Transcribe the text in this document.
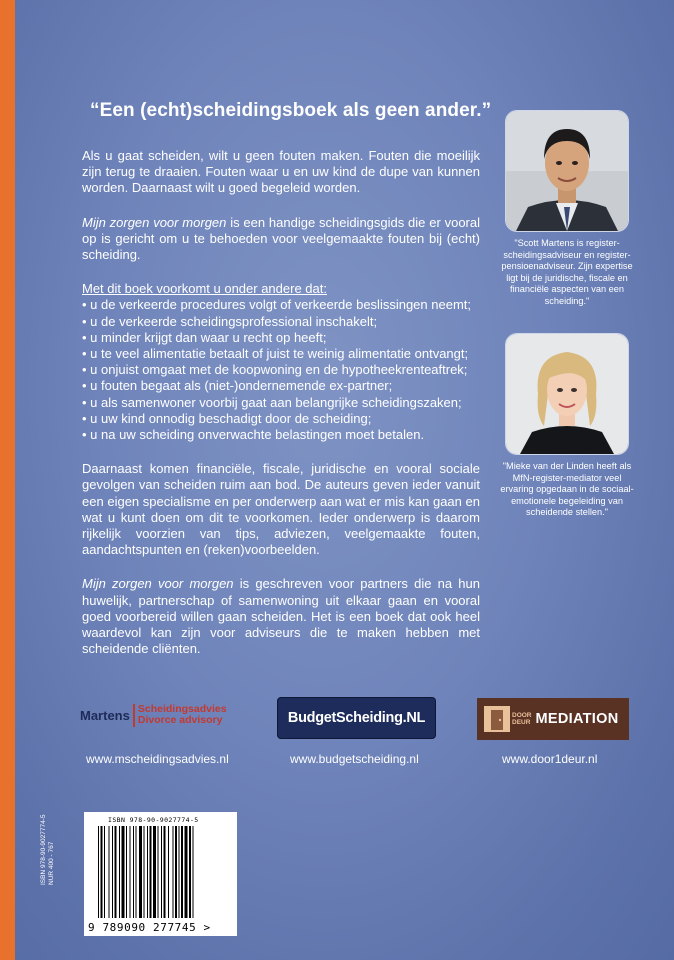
“Een (echt)scheidingsboek als geen ander.”

Als u gaat scheiden, wilt u geen fouten maken. Fouten die moeilijk zijn terug te draaien. Fouten waar u en uw kind de dupe van kunnen worden. Daarnaast wilt u goed begeleid worden.

Mijn zorgen voor morgen is een handige scheidingsgids die er vooral op is gericht om u te behoeden voor veelgemaakte fouten bij (echt) scheiding.

Met dit boek voorkomt u onder andere dat:

• u de verkeerde procedures volgt of verkeerde beslissingen neemt;
• u de verkeerde scheidingsprofessional inschakelt;
• u minder krijgt dan waar u recht op heeft;
• u te veel alimentatie betaalt of juist te weinig alimentatie ontvangt;
• u onjuist omgaat met de koopwoning en de hypotheekrenteaftrek;
• u fouten begaat als (niet-)ondernemende ex-partner;
• u als samenwoner voorbij gaat aan belangrijke scheidingszaken;
• u uw kind onnodig beschadigt door de scheiding;
• u na uw scheiding onverwachte belastingen moet betalen.

Daarnaast komen financiële, fiscale, juridische en vooral sociale gevolgen van scheiden ruim aan bod. De auteurs geven ieder vanuit een eigen specialisme en per onderwerp aan wat er mis kan gaan en wat u kunt doen om dit te voorkomen. Ieder onderwerp is daarom rijkelijk voorzien van tips, adviezen, veelgemaakte fouten, aandachtspunten en (reken)voorbeelden.

Mijn zorgen voor morgen is geschreven voor partners die na hun huwelijk, partnerschap of samenwoning uit elkaar gaan en vooral goed voorbereid willen gaan scheiden. Het is een boek dat ook heel waardevol kan zijn voor adviseurs die te maken hebben met scheidende cliënten.

"Scott Martens is register-scheidingsadviseur en register-pensioenadviseur. Zijn expertise ligt bij de juridische, fiscale en financiële aspecten van een scheiding."
"Mieke van der Linden heeft als MfN-register-mediator veel ervaring opgedaan in de sociaal-emotionele begeleiding van scheidende stellen."
Martens Scheidingsadvies
Divorce advisory	BudgetScheiding.NL	DOOR
DEUR MEDIATION
www.mscheidingsadvies.nl	www.budgetscheiding.nl	www.door1deur.nl
ISBN 978-90-9027774-5
9 789090 277745 >
ISBN 978-90-9027774-5
NUR 400 - 767
